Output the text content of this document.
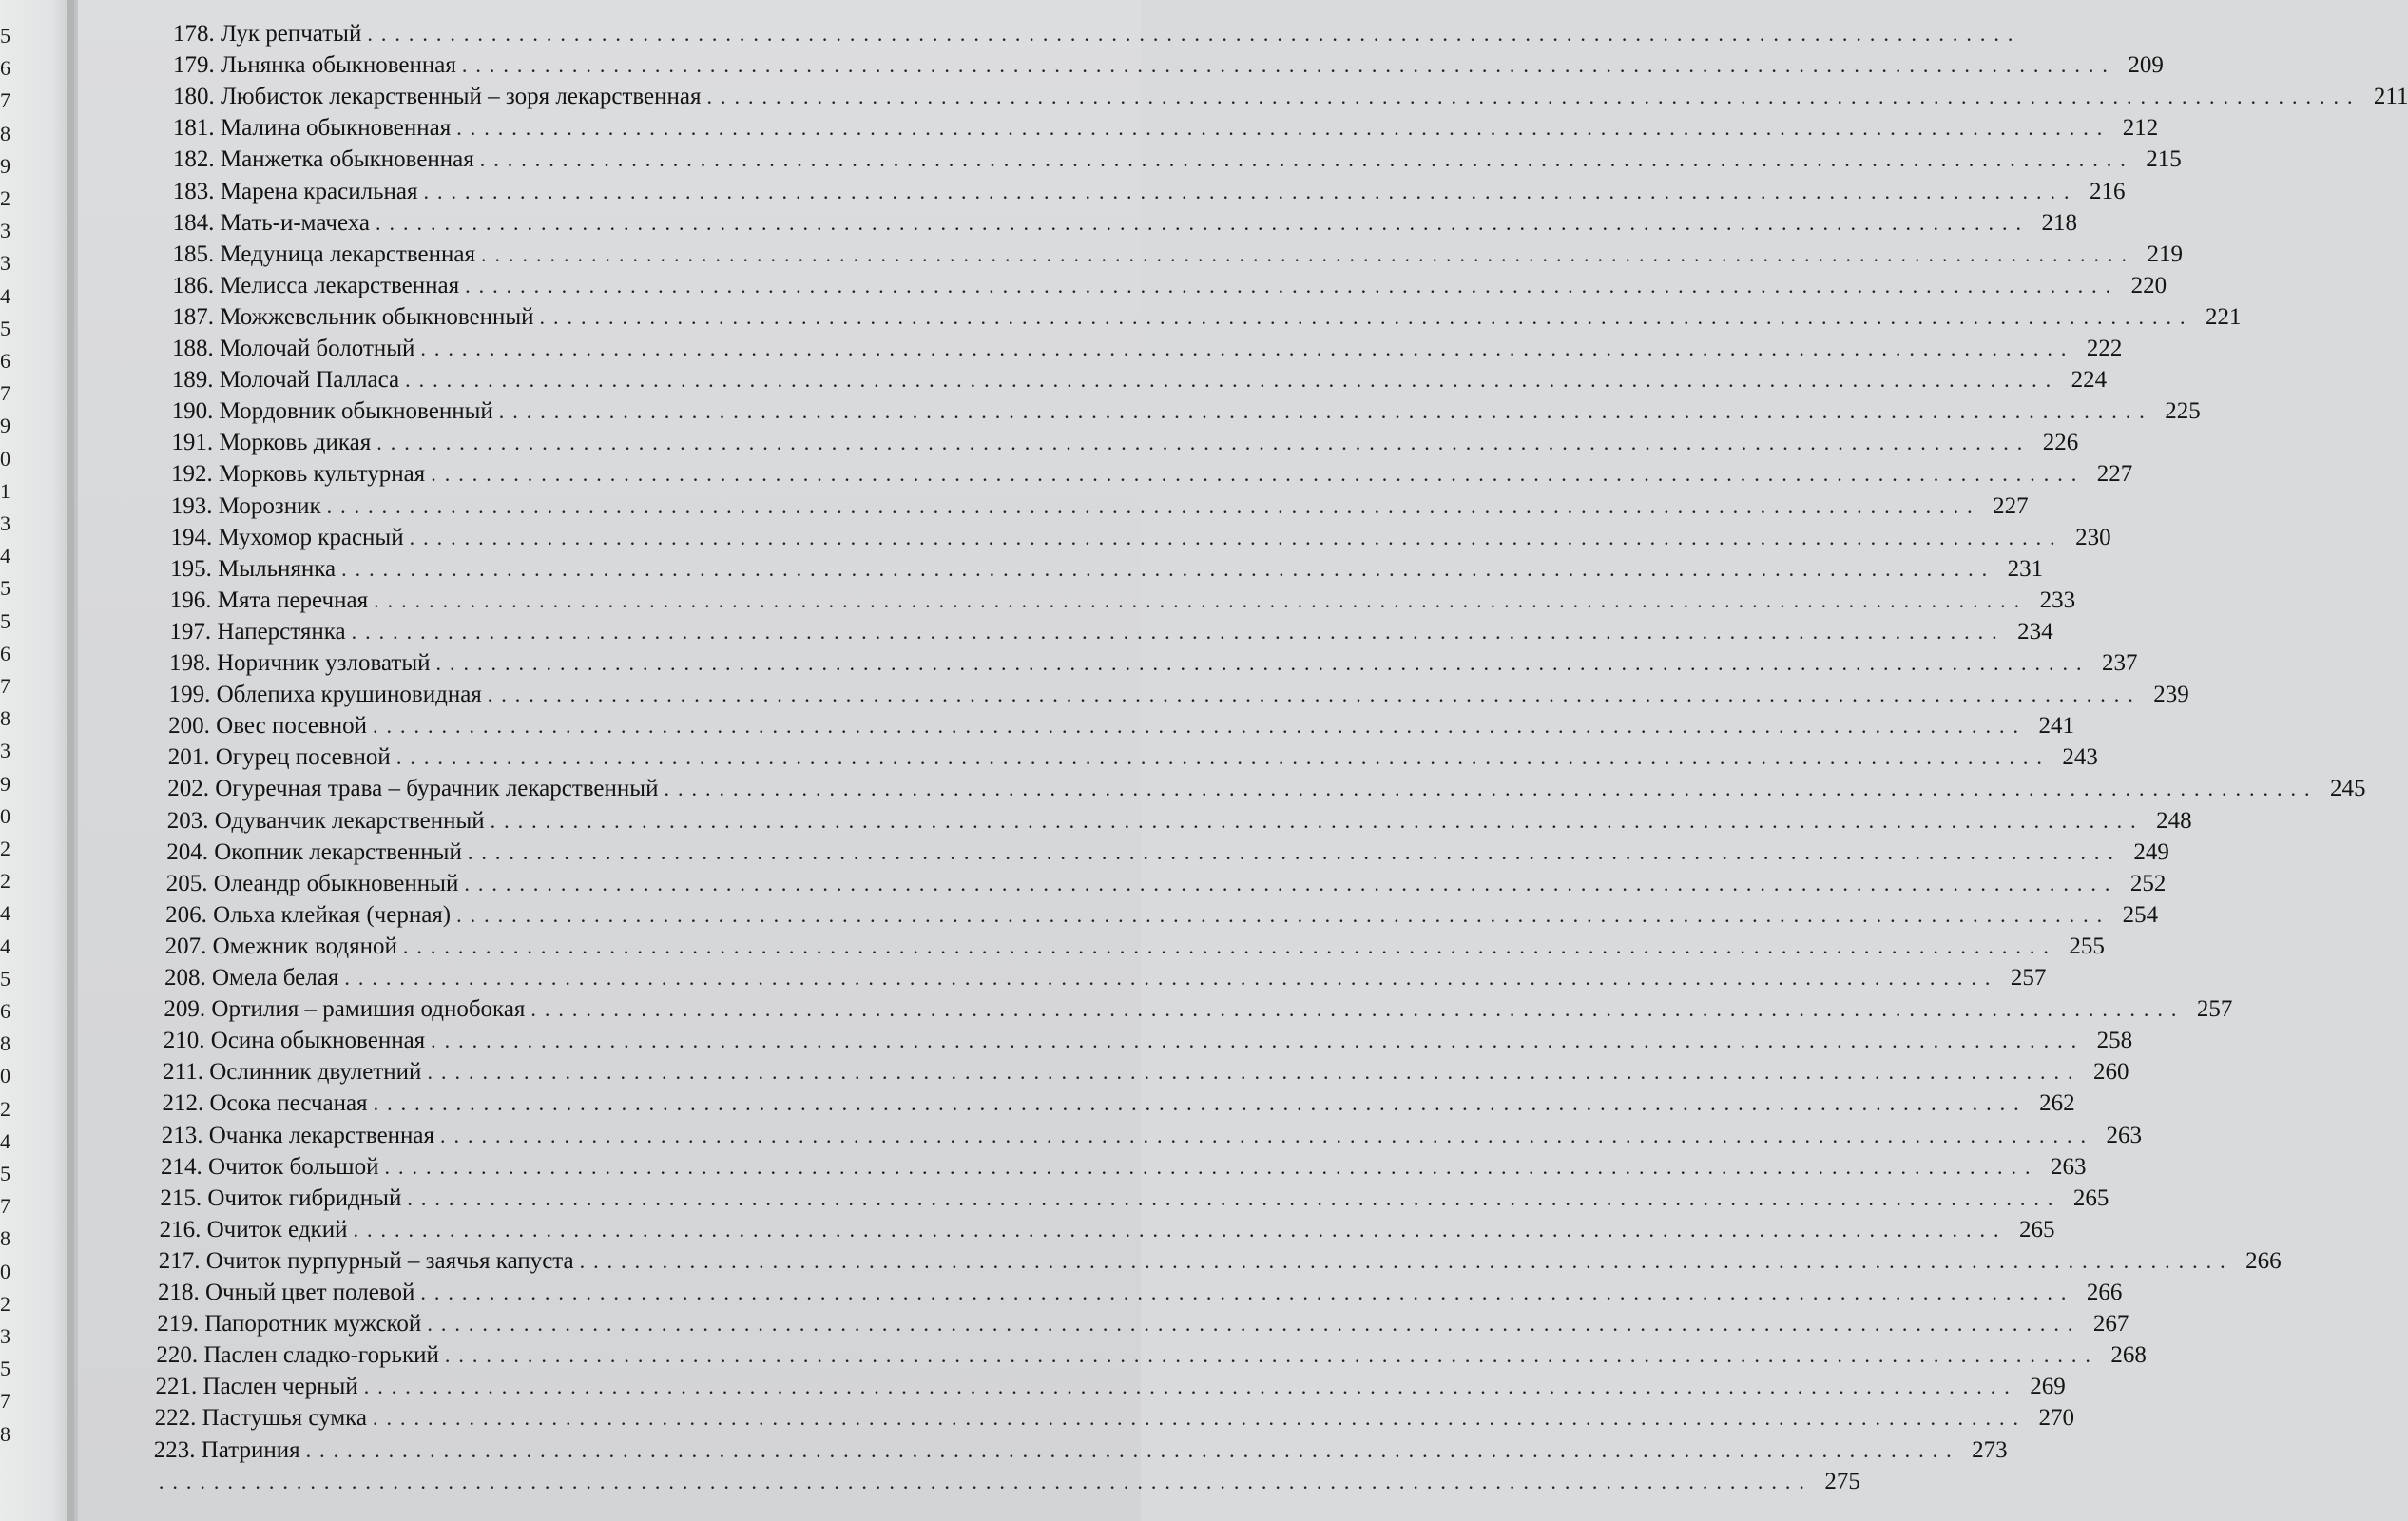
5
6
7
8
9
2
3
3
4
5
6
7
9
0
1
3
4
5
5
6
7
8
3
9
0
2
2
4
4
5
6
8
0
2
4
5
7
8
0
2
3
5
7
8
178. Лук репчатый ........................................................................................................................
179. Льнянка обыкновенная ........................................................................................................................ 209
180. Любисток лекарственный – зоря лекарственная ........................................................................................................................ 211
181. Малина обыкновенная ........................................................................................................................ 212
182. Манжетка обыкновенная ........................................................................................................................ 215
183. Марена красильная ........................................................................................................................ 216
184. Мать-и-мачеха ........................................................................................................................ 218
185. Медуница лекарственная ........................................................................................................................ 219
186. Мелисса лекарственная ........................................................................................................................ 220
187. Можжевельник обыкновенный ........................................................................................................................ 221
188. Молочай болотный ........................................................................................................................ 222
189. Молочай Палласа ........................................................................................................................ 224
190. Мордовник обыкновенный ........................................................................................................................ 225
191. Морковь дикая ........................................................................................................................ 226
192. Морковь культурная ........................................................................................................................ 227
193. Морозник ........................................................................................................................ 227
194. Мухомор красный ........................................................................................................................ 230
195. Мыльнянка ........................................................................................................................ 231
196. Мята перечная ........................................................................................................................ 233
197. Наперстянка ........................................................................................................................ 234
198. Норичник узловатый ........................................................................................................................ 237
199. Облепиха крушиновидная ........................................................................................................................ 239
200. Овес посевной ........................................................................................................................ 241
201. Огурец посевной ........................................................................................................................ 243
202. Огуречная трава – бурачник лекарственный ........................................................................................................................ 245
203. Одуванчик лекарственный ........................................................................................................................ 248
204. Окопник лекарственный ........................................................................................................................ 249
205. Олеандр обыкновенный ........................................................................................................................ 252
206. Ольха клейкая (черная) ........................................................................................................................ 254
207. Омежник водяной ........................................................................................................................ 255
208. Омела белая ........................................................................................................................ 257
209. Ортилия – рамишия однобокая ........................................................................................................................ 257
210. Осина обыкновенная ........................................................................................................................ 258
211. Ослинник двулетний ........................................................................................................................ 260
212. Осока песчаная ........................................................................................................................ 262
213. Очанка лекарственная ........................................................................................................................ 263
214. Очиток большой ........................................................................................................................ 263
215. Очиток гибридный ........................................................................................................................ 265
216. Очиток едкий ........................................................................................................................ 265
217. Очиток пурпурный – заячья капуста ........................................................................................................................ 266
218. Очный цвет полевой ........................................................................................................................ 266
219. Папоротник мужской ........................................................................................................................ 267
220. Паслен сладко-горький ........................................................................................................................ 268
221. Паслен черный ........................................................................................................................ 269
222. Пастушья сумка ........................................................................................................................ 270
223. Патриния ........................................................................................................................ 273
........................................................................................................................ 275
